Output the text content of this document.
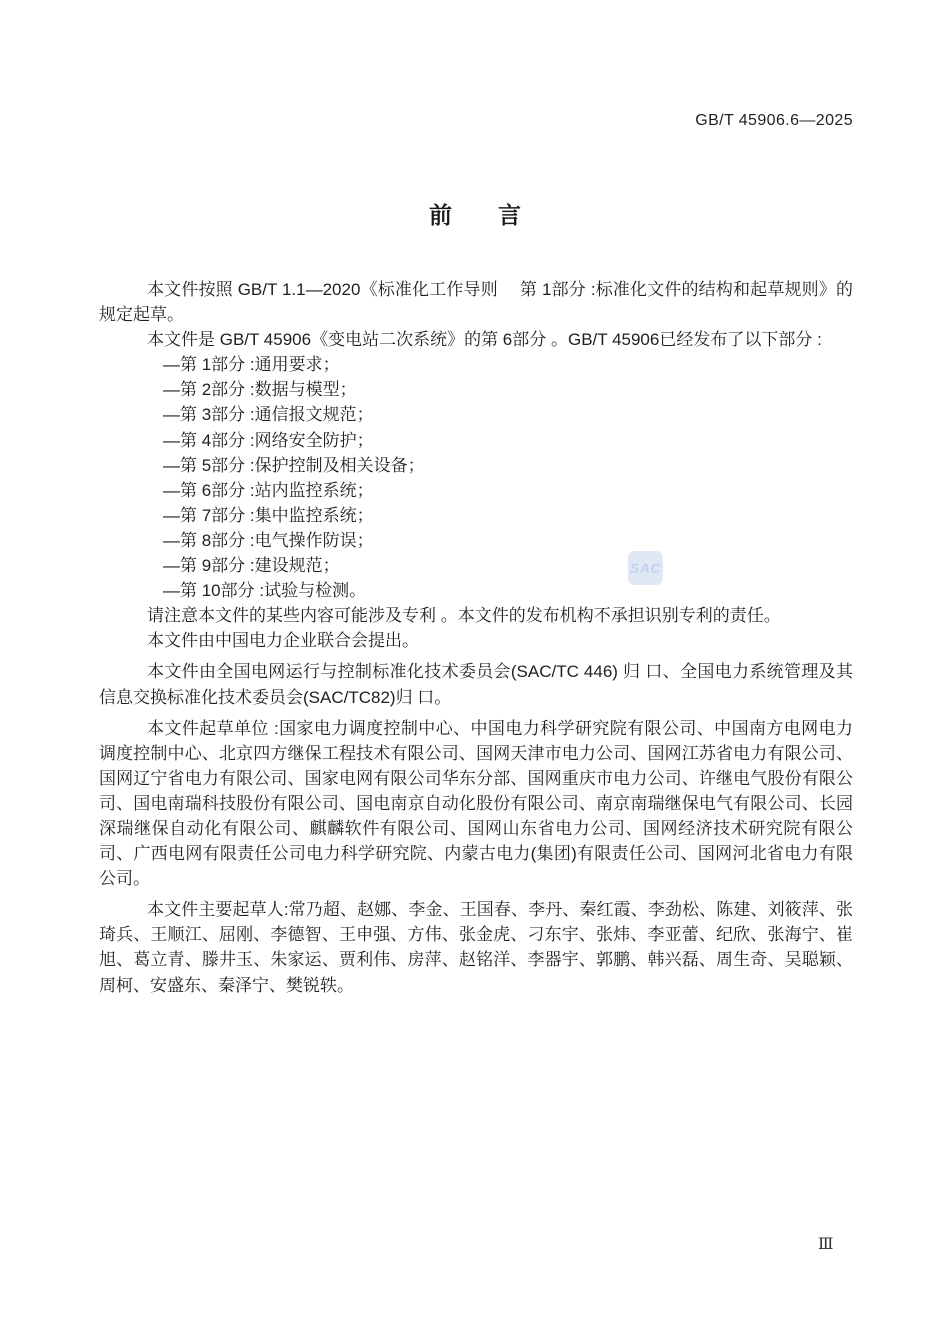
GB/T 45906.6—2025
前　　言
SAC

本文件按照 GB/T 1.1—2020《标准化工作导则　 第 1部分 :标准化文件的结构和起草规则》的规定起草。

本文件是 GB/T 45906《变电站二次系统》的第 6部分 。GB/T 45906已经发布了以下部分 :

—第 1部分 :通用要求；

—第 2部分 :数据与模型；

—第 3部分 :通信报文规范；

—第 4部分 :网络安全防护；

—第 5部分 :保护控制及相关设备；

—第 6部分 :站内监控系统；

—第 7部分 :集中监控系统；

—第 8部分 :电气操作防误；

—第 9部分 :建设规范；

—第 10部分 :试验与检测。

请注意本文件的某些内容可能涉及专利 。本文件的发布机构不承担识别专利的责任。

本文件由中国电力企业联合会提出。

本文件由全国电网运行与控制标准化技术委员会(SAC/TC 446) 归 口、全国电力系统管理及其信息交换标准化技术委员会(SAC/TC82)归 口。

本文件起草单位 :国家电力调度控制中心、中国电力科学研究院有限公司、中国南方电网电力调度控制中心、北京四方继保工程技术有限公司、国网天津市电力公司、国网江苏省电力有限公司、国网辽宁省电力有限公司、国家电网有限公司华东分部、国网重庆市电力公司、许继电气股份有限公司、国电南瑞科技股份有限公司、国电南京自动化股份有限公司、南京南瑞继保电气有限公司、长园深瑞继保自动化有限公司、麒麟软件有限公司、国网山东省电力公司、国网经济技术研究院有限公司、广西电网有限责任公司电力科学研究院、内蒙古电力(集团)有限责任公司、国网河北省电力有限公司。

本文件主要起草人:常乃超、赵娜、李金、王国春、李丹、秦红霞、李劲松、陈建、刘筱萍、张琦兵、王顺江、屈刚、李德智、王申强、方伟、张金虎、刁东宇、张炜、李亚蕾、纪欣、张海宁、崔旭、葛立青、滕井玉、朱家运、贾利伟、房萍、赵铭洋、李器宇、郭鹏、韩兴磊、周生奇、吴聪颖、周柯、安盛东、秦泽宁、樊锐轶。

Ⅲ
